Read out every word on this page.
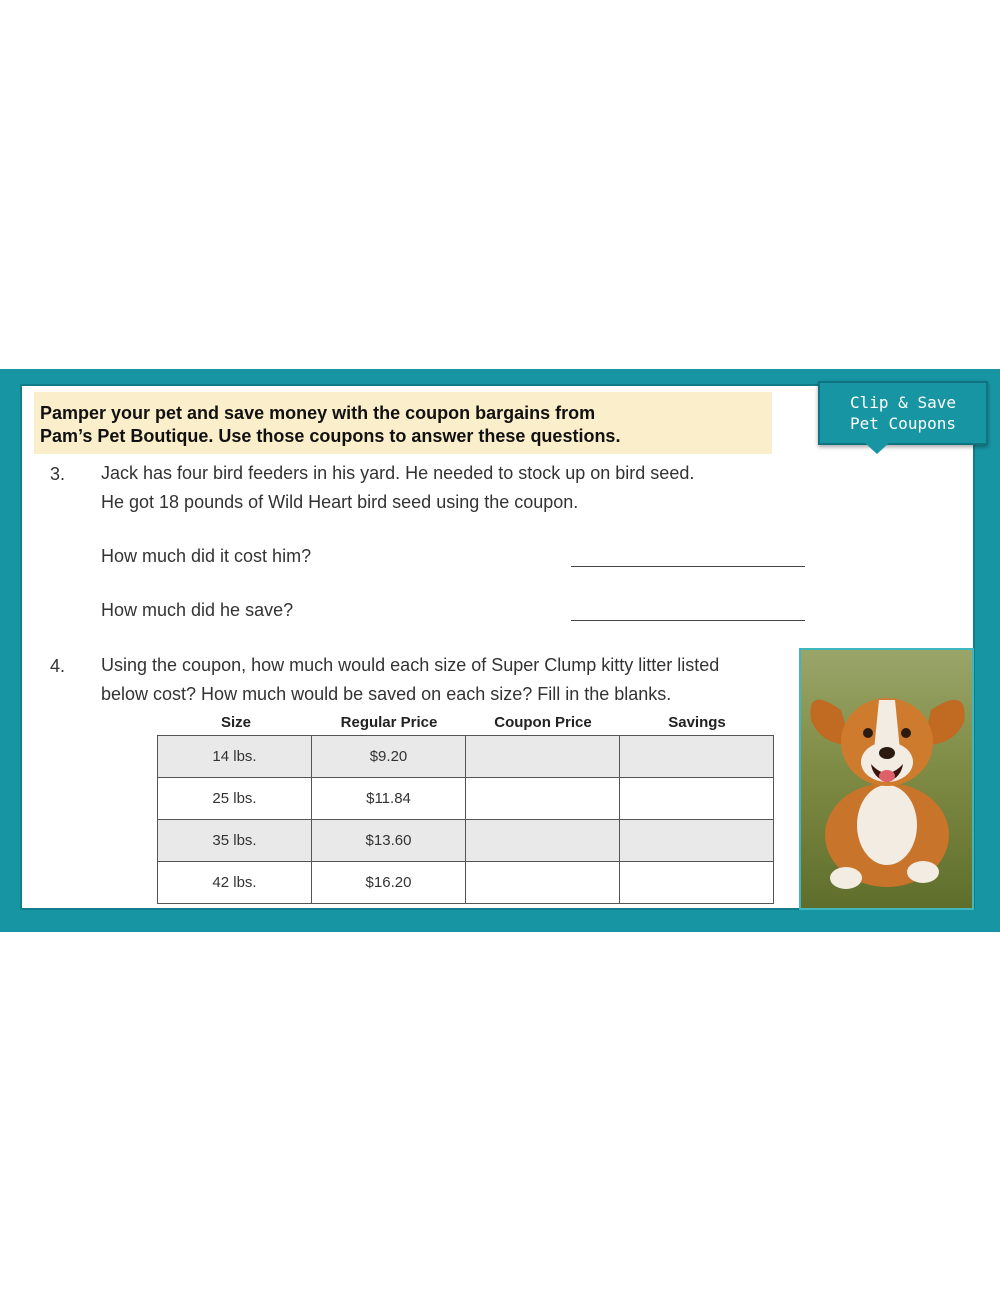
Pamper your pet and save money with the coupon bargains from
Pam’s Pet Boutique. Use those coupons to answer these questions.
Clip & Save
Pet Coupons
3. Jack has four bird feeders in his yard. He needed to stock up on bird seed.
He got 18 pounds of Wild Heart bird seed using the coupon.
How much did it cost him?
How much did he save?
4. Using the coupon, how much would each size of Super Clump kitty litter listed
below cost? How much would be saved on each size? Fill in the blanks.
Size	Regular Price	Coupon Price	Savings
14 lbs.	$9.20		
25 lbs.	$11.84		
35 lbs.	$13.60		
42 lbs.	$16.20		
